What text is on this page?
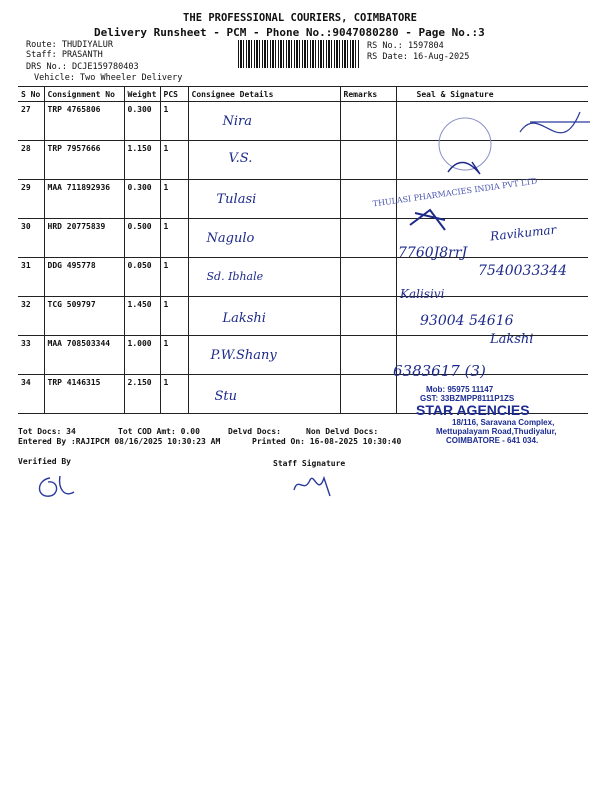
THE PROFESSIONAL COURIERS, COIMBATORE
Delivery Runsheet - PCM - Phone No.:9047080280 - Page No.:3
Route: THUDIYALUR
Staff: PRASANTH
DRS No.: DCJE159780403
Vehicle: Two Wheeler Delivery
RS No.: 1597804
RS Date: 16-Aug-2025
S No	Consignment No	Weight	PCS	Consignee Details	Remarks	Seal & Signature
27	TRP 4765806	0.300	1	Nira		

28	TRP 7957666	1.150	1	V.S.		

29	MAA 711892936	0.300	1	Tulasi		

30	HRD 20775839	0.500	1	Nagulo		

31	DDG 495778	0.050	1	Sd. Ibhale		

32	TCG 509797	1.450	1	Lakshi		

33	MAA 708503344	1.000	1	P.W.Shany		

34	TRP 4146315	2.150	1	Stu		

THULASI PHARMACIES INDIA PVT LTD
Ravikumar
7760J8rrJ
7540033344
Kalisivi
93004 54616
Lakshi
6383617 (3)
Mob: 95975 11147
GST: 33BZMPP8111P1ZS
STAR AGENCIES
18/116, Saravana Complex,
Mettupalayam Road,Thudiyalur,
COIMBATORE - 641 034.
Tot Docs: 34	Tot COD Amt: 0.00	Delvd Docs:	Non Delvd Docs:
Entered By :RAJIPCM 08/16/2025 10:30:23 AM	Printed On: 16-08-2025 10:30:40
Verified By	Staff Signature
